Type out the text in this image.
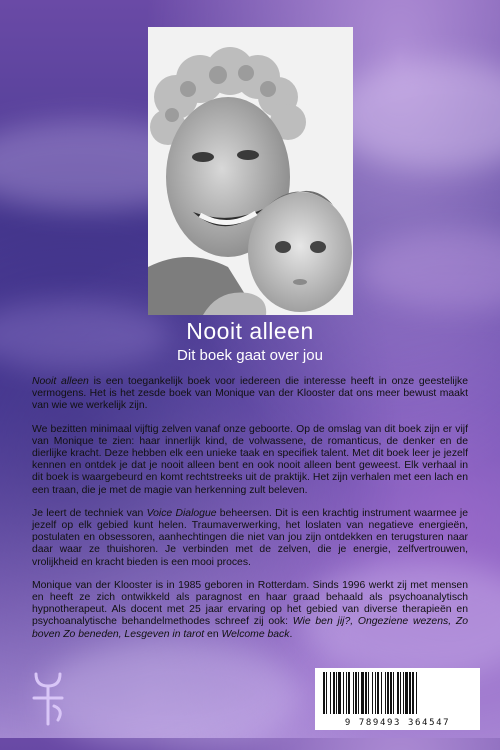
Nooit alleen
Dit boek gaat over jou

Nooit alleen is een toegankelijk boek voor iedereen die interesse heeft in onze geestelijke vermogens. Het is het zesde boek van Monique van der Klooster dat ons meer bewust maakt van wie we werkelijk zijn.

We bezitten minimaal vijftig zelven vanaf onze geboorte. Op de omslag van dit boek zijn er vijf van Monique te zien: haar innerlijk kind, de volwassene, de romanticus, de denker en de dierlijke kracht. Deze hebben elk een unieke taak en specifiek talent. Met dit boek leer je jezelf kennen en ontdek je dat je nooit alleen bent en ook nooit alleen bent geweest. Elk verhaal in dit boek is waargebeurd en komt rechtstreeks uit de praktijk. Het zijn verhalen met een lach en een traan, die je met de magie van herkenning zult beleven.

Je leert de techniek van Voice Dialogue beheersen. Dit is een krachtig instrument waarmee je jezelf op elk gebied kunt helen. Traumaverwerking, het loslaten van negatieve energieën, postulaten en obsessoren, aanhechtingen die niet van jou zijn ontdekken en terugsturen naar daar waar ze thuishoren. Je verbinden met de zelven, die je energie, zelfvertrouwen, vrolijkheid en kracht bieden is een mooi proces.

Monique van der Klooster is in 1985 geboren in Rotterdam. Sinds 1996 werkt zij met mensen en heeft ze zich ontwikkeld als paragnost en haar graad behaald als psychoanalytisch hypnotherapeut. Als docent met 25 jaar ervaring op het gebied van diverse therapieën en psychoanalytische behandelmethodes schreef zij ook: Wie ben jij?, Ongeziene wezens, Zo boven Zo beneden, Lesgeven in tarot en Welcome back.

9 789493 364547
